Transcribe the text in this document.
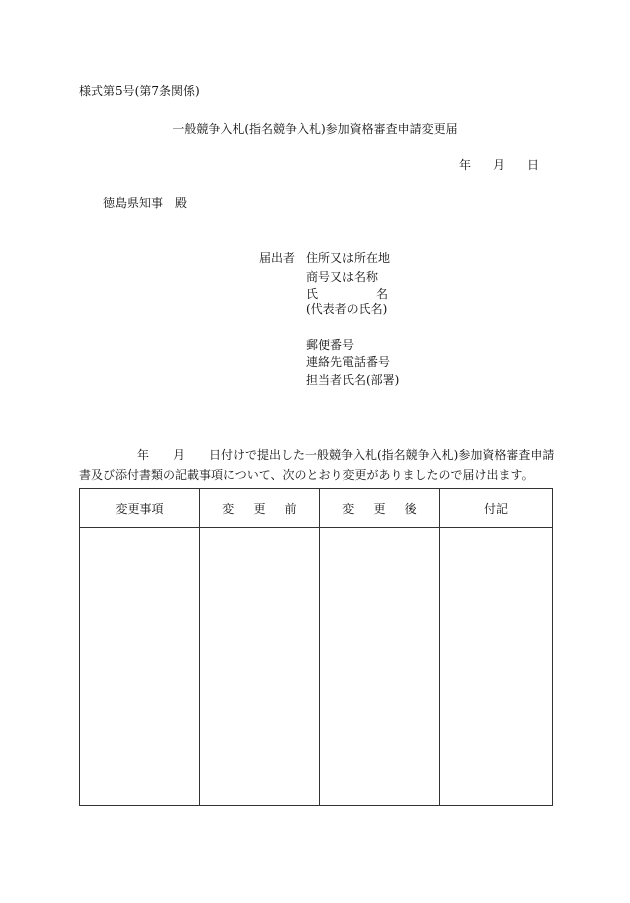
様式第5号(第7条関係)
一般競争入札(指名競争入札)参加資格審査申請変更届
年 月 日
徳島県知事　殿
届出者 住所又は所在地
商号又は名称
氏	名
(代表者の氏名)
郵便番号
連絡先電話番号
担当者氏名(部署)
年　　月　　日付けで提出した一般競争入札(指名競争入札)参加資格審査申請
書及び添付書類の記載事項について、次のとおり変更がありましたので届け出ます。
変更事項	変更前	変更後	付記
